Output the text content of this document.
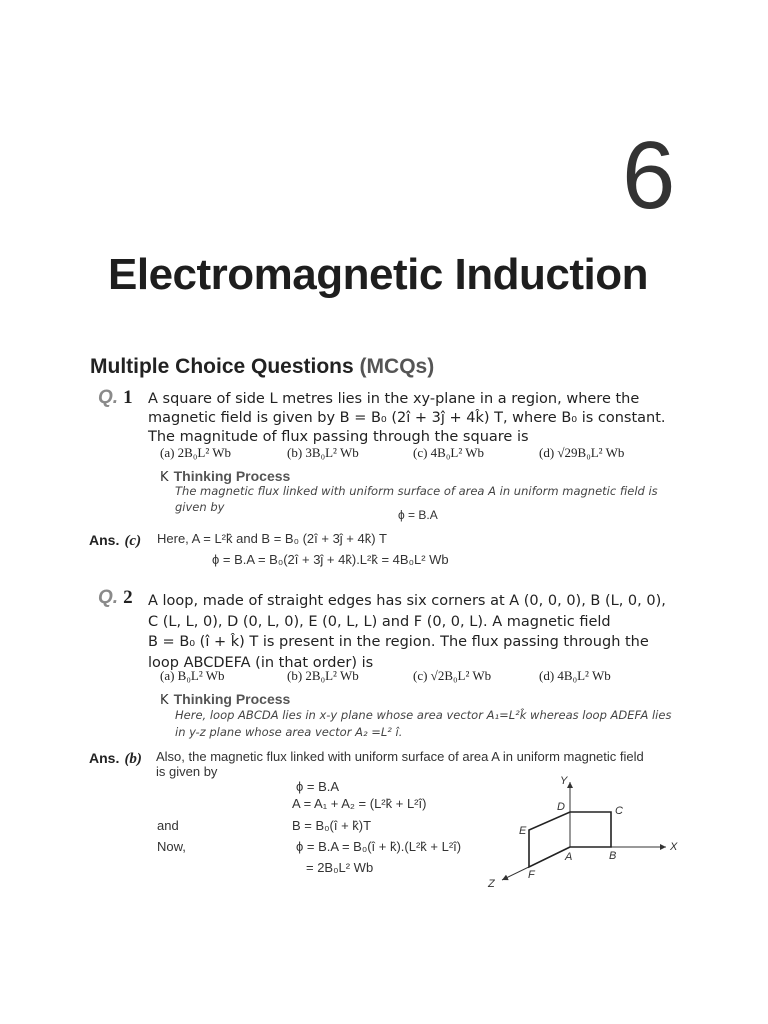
6
Electromagnetic Induction
Multiple Choice Questions (MCQs)
Q. 1 A square of side L metres lies in the xy-plane in a region, where the
magnetic field is given by B = B₀ (2î + 3ĵ + 4k̂) T, where B₀ is constant.
The magnitude of flux passing through the square is
(a) 2B₀L² Wb	(b) 3B₀L² Wb	(c) 4B₀L² Wb	(d) √29B₀L² Wb
K Thinking Process
The magnetic flux linked with uniform surface of area A in uniform magnetic field is
given by
ϕ = B.A
Ans. (c) Here, A = L²k̂ and B = B₀ (2î + 3ĵ + 4k̂) T
ϕ = B.A = B₀(2î + 3ĵ + 4k̂).L²k̂ = 4B₀L² Wb
Q. 2 A loop, made of straight edges has six corners at A (0, 0, 0), B (L, 0, 0),
C (L, L, 0), D (0, L, 0), E (0, L, L) and F (0, 0, L). A magnetic field
B = B₀ (î + k̂) T is present in the region. The flux passing through the
loop ABCDEFA (in that order) is
(a) B₀L² Wb	(b) 2B₀L² Wb	(c) √2B₀L² Wb	(d) 4B₀L² Wb
K Thinking Process
Here, loop ABCDA lies in x-y plane whose area vector A₁=L²k̂ whereas loop ADEFA lies
in y-z plane whose area vector A₂ =L² î.
Ans. (b) Also, the magnetic flux linked with uniform surface of area A in uniform magnetic field
is given by
ϕ = B.A
A = A₁ + A₂ = (L²k̂ + L²î)
and	B = B₀(î + k̂)T
Now,	ϕ = B.A = B₀(î + k̂).(L²k̂ + L²î)
= 2B₀L² Wb
Y
X
Z
A	B
C
D
E
F
